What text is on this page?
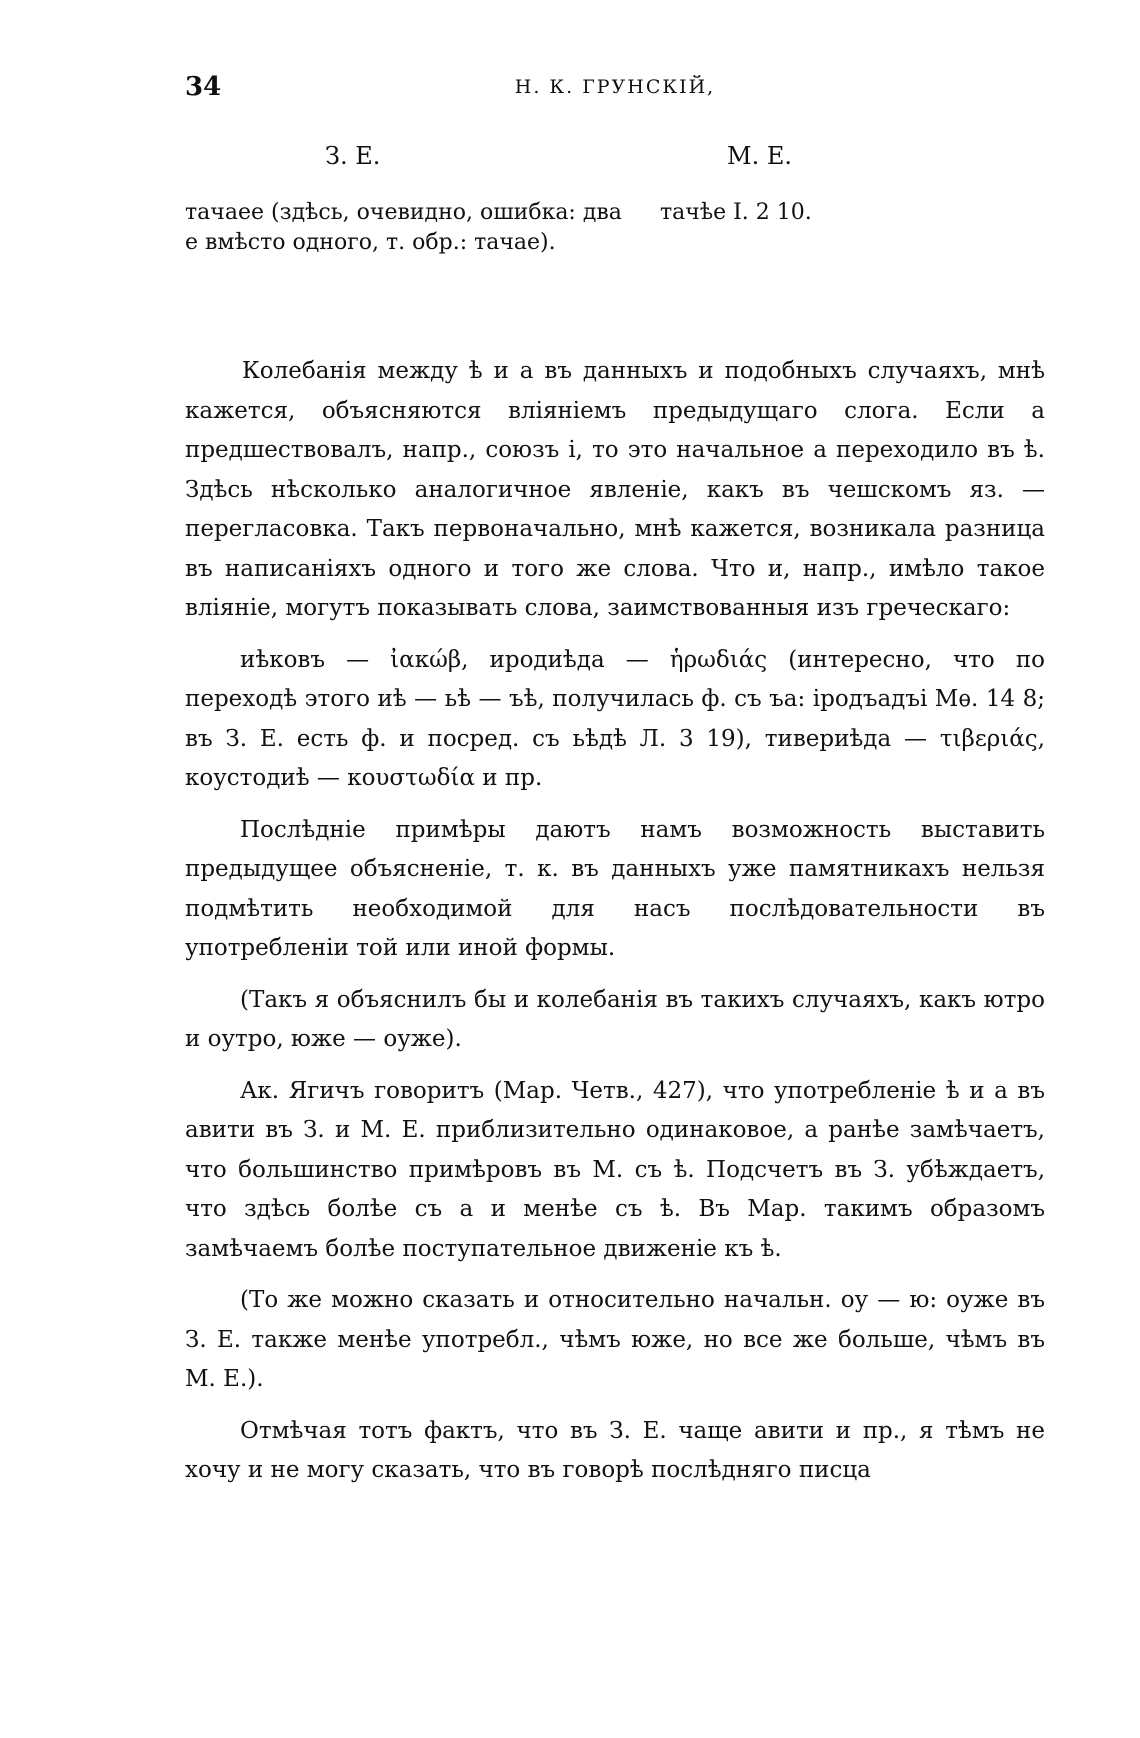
34	Н. К. ГРУНСКІЙ,
З. Е.	М. Е.
тачаее (здѣсь, очевидно, ошибка: два е вмѣсто одного, т. обр.: тачае).
тачѣе I. 2 10.

Колебанія между ѣ и а въ данныхъ и подобныхъ случаяхъ, мнѣ кажется, объясняются вліяніемъ предыдущаго слога. Если а предшествовалъ, напр., союзъ і, то это начальное а переходило въ ѣ. Здѣсь нѣсколько аналогичное явленіе, какъ въ чешскомъ яз. — перегласовка. Такъ первоначально, мнѣ кажется, возникала разница въ написаніяхъ одного и того же слова. Что и, напр., имѣло такое вліяніе, могутъ показывать слова, заимствованныя изъ греческаго:

иѣковъ — ἰακώβ, иродиѣда — ἡρωδιάς (интересно, что по переходѣ этого иѣ — ьѣ — ъѣ, получилась ф. съ ъа: іродъадъі Мѳ. 14 8; въ З. Е. есть ф. и посред. съ ьѣдѣ Л. 3 19), тивериѣда — τιβεριάς, коустодиѣ — κουστωδία и пр.

Послѣдніе примѣры даютъ намъ возможность выставить предыдущее объясненіе, т. к. въ данныхъ уже памятникахъ нельзя подмѣтить необходимой для насъ послѣдовательности въ употребленіи той или иной формы.

(Такъ я объяснилъ бы и колебанія въ такихъ случаяхъ, какъ ютро и оутро, юже — оуже).

Ак. Ягичъ говоритъ (Мар. Четв., 427), что употребленіе ѣ и а въ авити въ З. и М. Е. приблизительно одинаковое, а ранѣе замѣчаетъ, что большинство примѣровъ въ М. съ ѣ. Подсчетъ въ З. убѣждаетъ, что здѣсь болѣе съ а и менѣе съ ѣ. Въ Мар. такимъ образомъ замѣчаемъ болѣе поступательное движеніе къ ѣ.

(То же можно сказать и относительно начальн. оу — ю: оуже въ З. Е. также менѣе употребл., чѣмъ юже, но все же больше, чѣмъ въ М. Е.).

Отмѣчая тотъ фактъ, что въ З. Е. чаще авити и пр., я тѣмъ не хочу и не могу сказать, что въ говорѣ послѣдняго писца
